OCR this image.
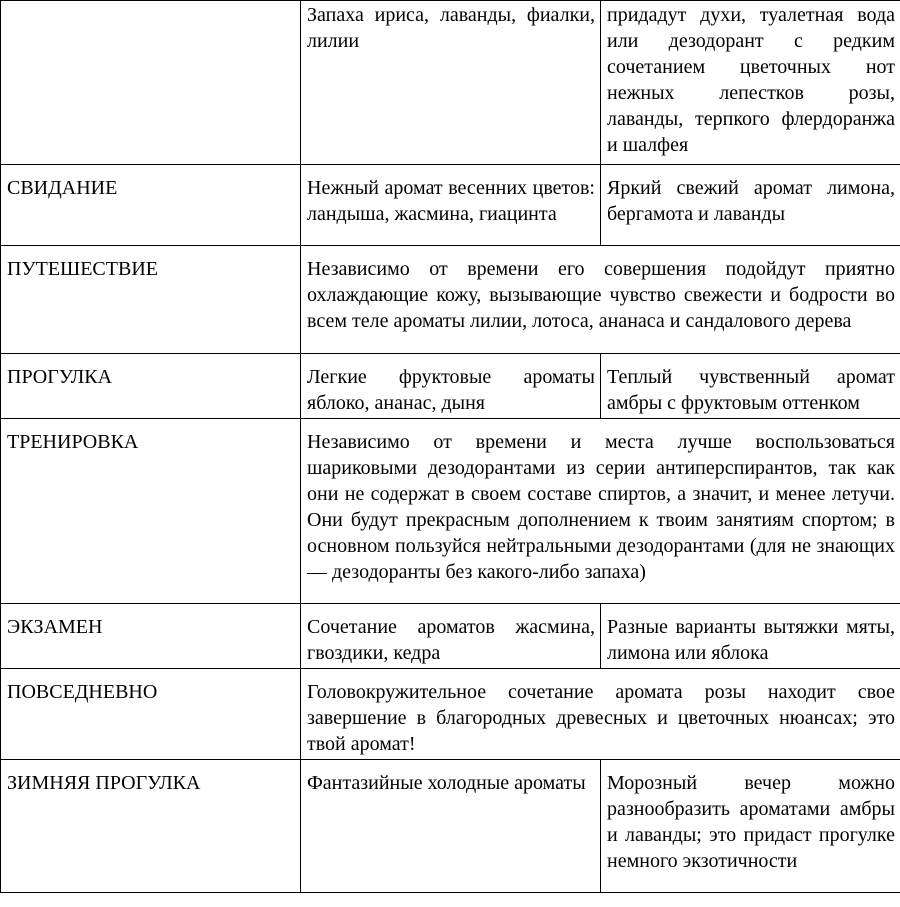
	Запаха ириса, лаванды, фиалки, лилии	придадут духи, туалетная вода или дезодорант с редким сочетанием цветочных нот нежных лепестков розы, лаванды, терпкого флердоранжа и шалфея
СВИДАНИЕ	Нежный аромат весенних цветов: ландыша, жасмина, гиацинта	Яркий свежий аромат лимона, бергамота и лаванды
ПУТЕШЕСТВИЕ	Независимо от времени его совершения подойдут приятно охлаждающие кожу, вызывающие чувство свежести и бодрости во всем теле ароматы лилии, лотоса, ананаса и сандалового дерева	
ПРОГУЛКА	Легкие фруктовые ароматы яблоко, ананас, дыня	Теплый чувственный аромат амбры с фруктовым оттенком
ТРЕНИРОВКА	Независимо от времени и места лучше воспользоваться шариковыми дезодорантами из серии антиперспирантов, так как они не содержат в своем составе спиртов, а значит, и менее летучи. Они будут прекрасным дополнением к твоим занятиям спортом; в основном пользуйся нейтральными дезодорантами (для не знающих — дезодоранты без какого-либо запаха)	
ЭКЗАМЕН	Сочетание ароматов жасмина, гвоздики, кедра	Разные варианты вытяжки мяты, лимона или яблока
ПОВСЕДНЕВНО	Головокружительное сочетание аромата розы находит свое завершение в благородных древесных и цветочных нюансах; это твой аромат!	
ЗИМНЯЯ ПРОГУЛКА	Фантазийные холодные ароматы	Морозный вечер можно разнообразить ароматами амбры и лаванды; это придаст прогулке немного экзотичности
